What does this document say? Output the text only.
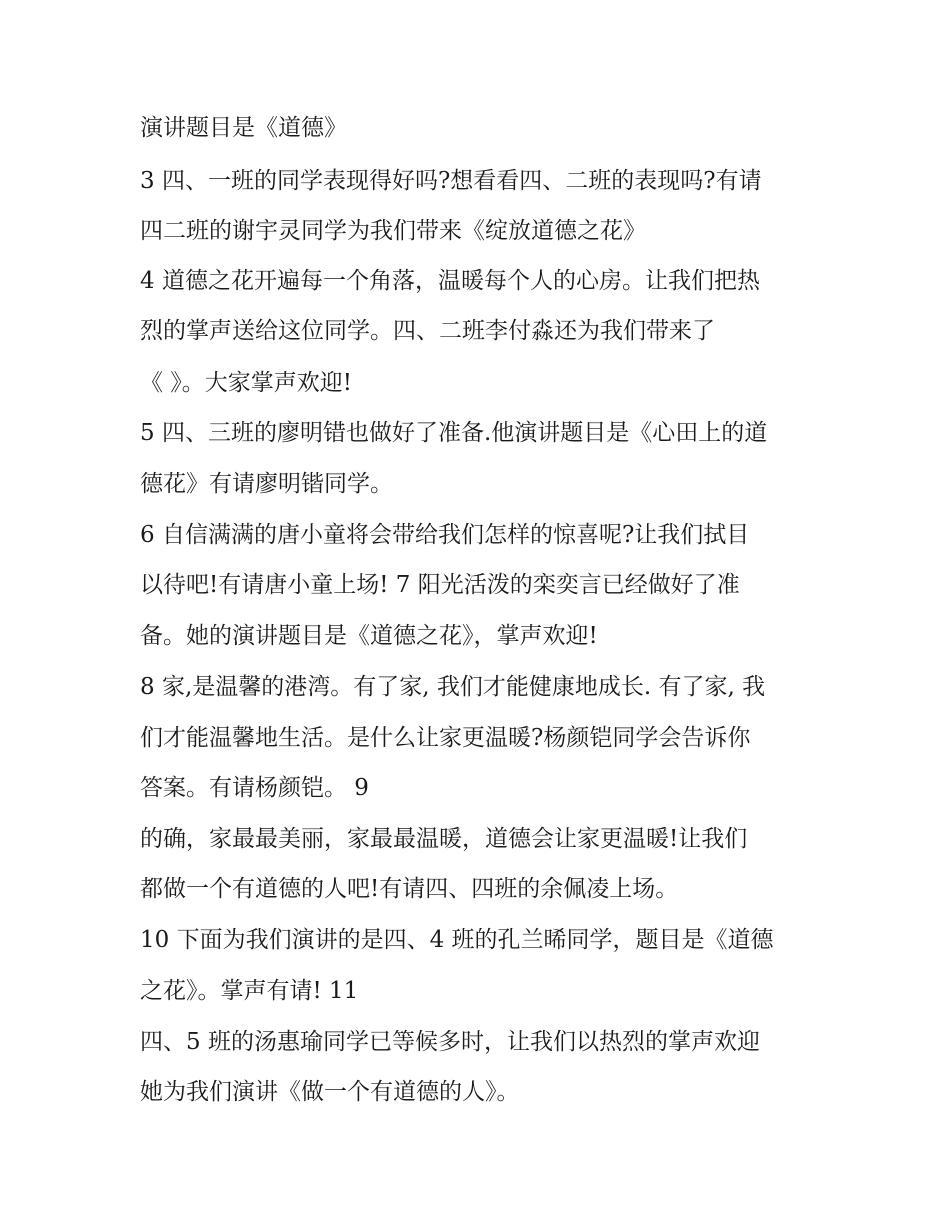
演讲题目是《道德》
3 四、一班的同学表现得好吗?想看看四、二班的表现吗?有请
四二班的谢宇灵同学为我们带来《绽放道德之花》
4 道德之花开遍每一个角落，温暖每个人的心房。让我们把热
烈的掌声送给这位同学。四、二班李付淼还为我们带来了
《 》。大家掌声欢迎!
5 四、三班的廖明错也做好了准备.他演讲题目是《心田上的道
德花》有请廖明锴同学。
6 自信满满的唐小童将会带给我们怎样的惊喜呢?让我们拭目
以待吧!有请唐小童上场! 7 阳光活泼的栾奕言已经做好了准
备。她的演讲题目是《道德之花》，掌声欢迎!
8 家,是温馨的港湾。有了家, 我们才能健康地成长. 有了家, 我
们才能温馨地生活。是什么让家更温暖?杨颜铠同学会告诉你
答案。有请杨颜铠。 9
的确，家最最美丽，家最最温暖，道德会让家更温暖!让我们
都做一个有道德的人吧!有请四、四班的余佩凌上场。
10 下面为我们演讲的是四、4 班的孔兰晞同学，题目是《道德
之花》。掌声有请! 11
四、5 班的汤惠瑜同学已等候多时，让我们以热烈的掌声欢迎
她为我们演讲《做一个有道德的人》。
